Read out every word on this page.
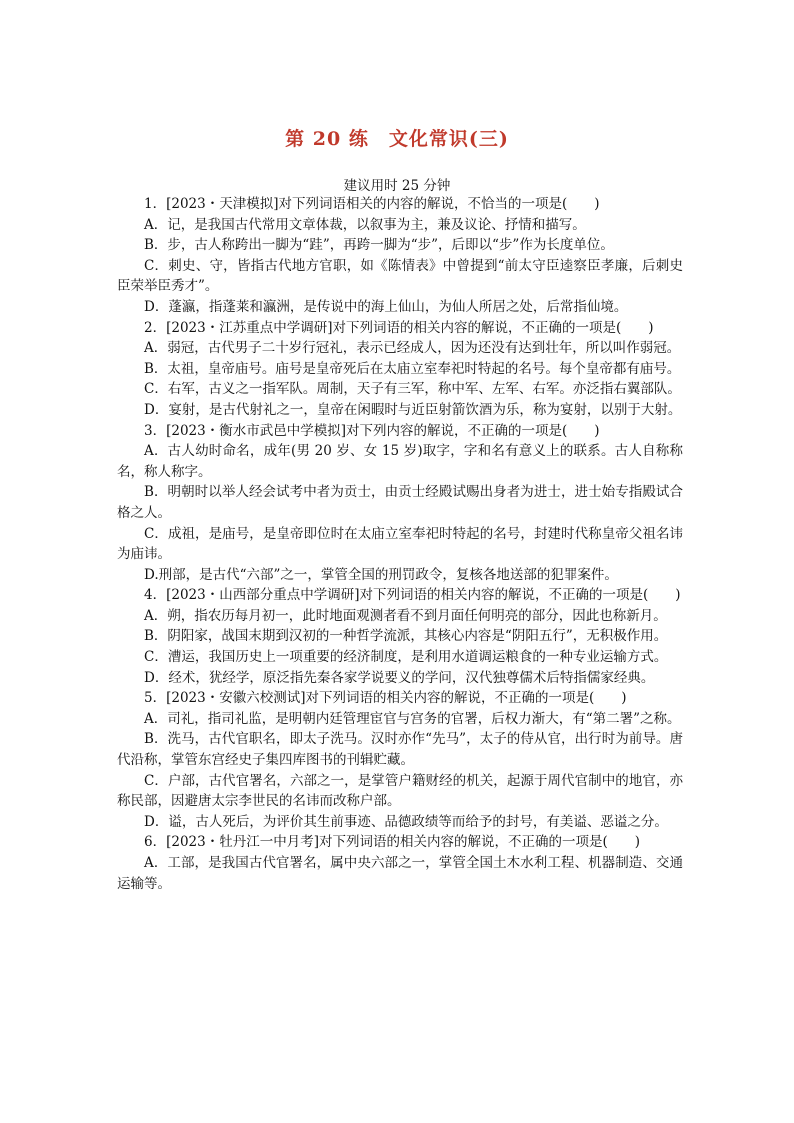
第 20 练　文化常识(三)
建议用时 25 分钟

1．[2023・天津模拟]对下列词语相关的内容的解说，不恰当的一项是(　　)

A．记，是我国古代常用文章体裁，以叙事为主，兼及议论、抒情和描写。

B．步，古人称跨出一脚为“跬”，再跨一脚为“步”，后即以“步”作为长度单位。

C．刺史、守，皆指古代地方官职，如《陈情表》中曾提到“前太守臣逵察臣孝廉，后刺史臣荣举臣秀才”。

D．蓬瀛，指蓬莱和瀛洲，是传说中的海上仙山，为仙人所居之处，后常指仙境。

2．[2023・江苏重点中学调研]对下列词语的相关内容的解说，不正确的一项是(　　)

A．弱冠，古代男子二十岁行冠礼，表示已经成人，因为还没有达到壮年，所以叫作弱冠。

B．太祖，皇帝庙号。庙号是皇帝死后在太庙立室奉祀时特起的名号。每个皇帝都有庙号。

C．右军，古义之一指军队。周制，天子有三军，称中军、左军、右军。亦泛指右翼部队。

D．宴射，是古代射礼之一，皇帝在闲暇时与近臣射箭饮酒为乐，称为宴射，以别于大射。

3．[2023・衡水市武邑中学模拟]对下列内容的解说，不正确的一项是(　　)

A．古人幼时命名，成年(男 20 岁、女 15 岁)取字，字和名有意义上的联系。古人自称称名，称人称字。

B．明朝时以举人经会试考中者为贡士，由贡士经殿试赐出身者为进士，进士始专指殿试合格之人。

C．成祖，是庙号，是皇帝即位时在太庙立室奉祀时特起的名号，封建时代称皇帝父祖名讳为庙讳。

D.刑部，是古代“六部”之一，掌管全国的刑罚政令，复核各地送部的犯罪案件。

4．[2023・山西部分重点中学调研]对下列词语的相关内容的解说，不正确的一项是(　　)

A．朔，指农历每月初一，此时地面观测者看不到月面任何明亮的部分，因此也称新月。

B．阴阳家，战国末期到汉初的一种哲学流派，其核心内容是“阴阳五行”，无积极作用。

C．漕运，我国历史上一项重要的经济制度，是利用水道调运粮食的一种专业运输方式。

D．经术，犹经学，原泛指先秦各家学说要义的学问，汉代独尊儒术后特指儒家经典。

5．[2023・安徽六校测试]对下列词语的相关内容的解说，不正确的一项是(　　)

A．司礼，指司礼监，是明朝内廷管理宦官与宫务的官署，后权力渐大，有“第二署”之称。

B．洗马，古代官职名，即太子洗马。汉时亦作“先马”，太子的侍从官，出行时为前导。唐代沿称，掌管东宫经史子集四库图书的刊辑贮藏。

C．户部，古代官署名，六部之一，是掌管户籍财经的机关，起源于周代官制中的地官，亦称民部，因避唐太宗李世民的名讳而改称户部。

D．谥，古人死后，为评价其生前事迹、品德政绩等而给予的封号，有美谥、恶谥之分。

6．[2023・牡丹江一中月考]对下列词语的相关内容的解说，不正确的一项是(　　)

A．工部，是我国古代官署名，属中央六部之一，掌管全国土木水利工程、机器制造、交通运输等。
